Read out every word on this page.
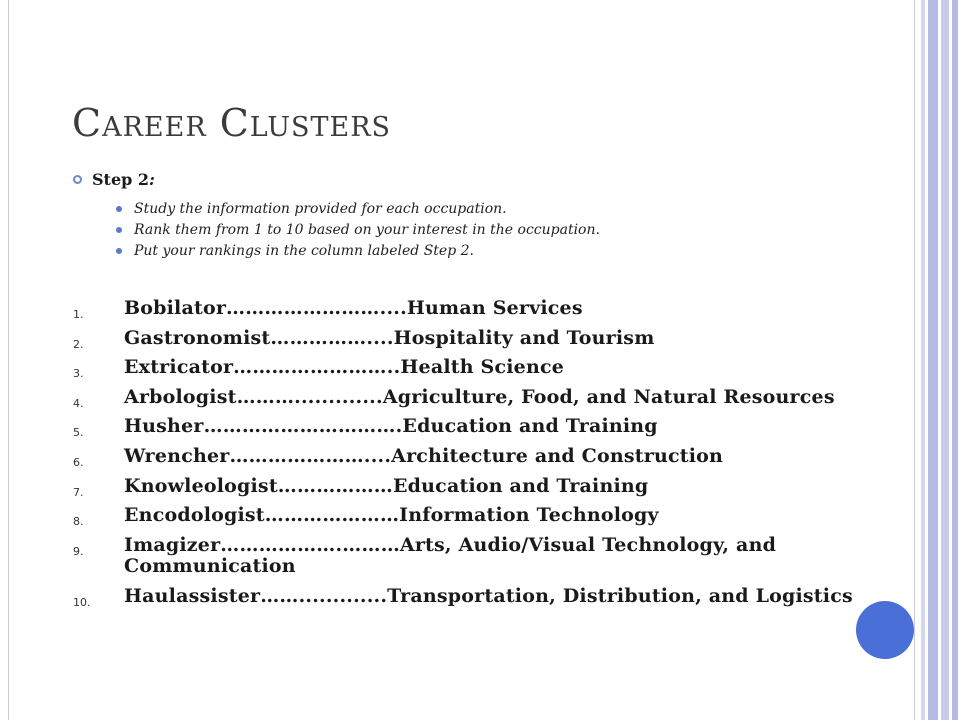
Career Clusters
Step 2:
Study the information provided for each occupation.
Rank them from 1 to 10 based on your interest in the occupation.
Put your rankings in the column labeled Step 2.
1.	Bobilator……………………....Human Services
2.	Gastronomist……………....Hospitality and Tourism
3.	Extricator……………………..Health Science
4.	Arbologist……….............Agriculture, Food, and Natural Resources
5.	Husher………………………….Education and Training
6.	Wrencher…………………....Architecture and Construction
7.	Knowleologist………………Education and Training
8.	Encodologist…………………Information Technology
9.	Imagizer……………….………Arts, Audio/Visual Technology, and Communication
10.	Haulassister…….............Transportation, Distribution, and Logistics
